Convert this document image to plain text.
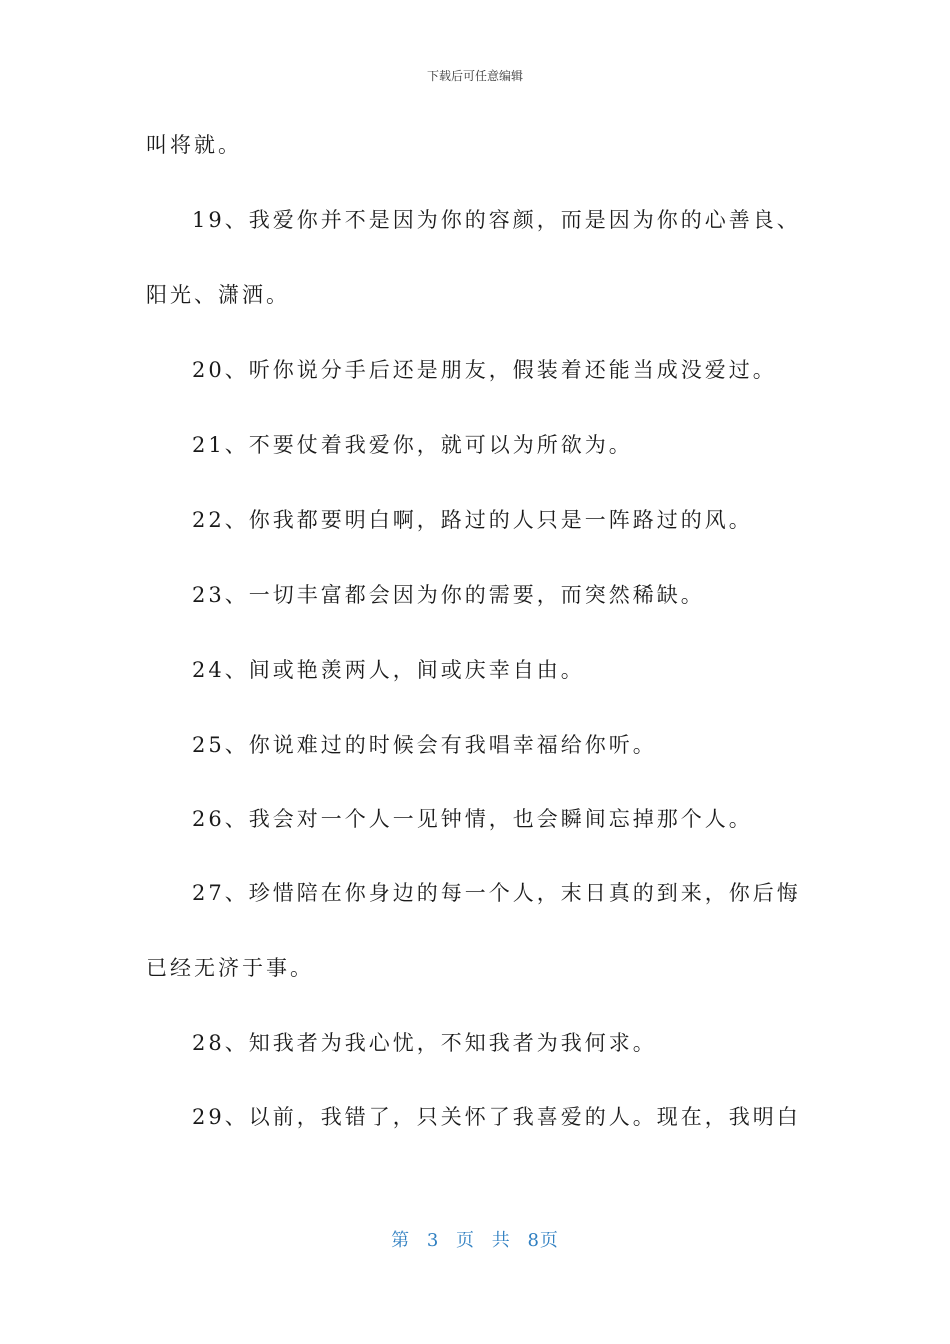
下载后可任意编辑
叫将就。
19、我爱你并不是因为你的容颜，而是因为你的心善良、
阳光、潇洒。
20、听你说分手后还是朋友，假装着还能当成没爱过。
21、不要仗着我爱你，就可以为所欲为。
22、你我都要明白啊，路过的人只是一阵路过的风。
23、一切丰富都会因为你的需要，而突然稀缺。
24、间或艳羡两人，间或庆幸自由。
25、你说难过的时候会有我唱幸福给你听。
26、我会对一个人一见钟情，也会瞬间忘掉那个人。
27、珍惜陪在你身边的每一个人，末日真的到来，你后悔
已经无济于事。
28、知我者为我心忧，不知我者为我何求。
29、以前，我错了，只关怀了我喜爱的人。现在，我明白
第 3 页 共 8页
